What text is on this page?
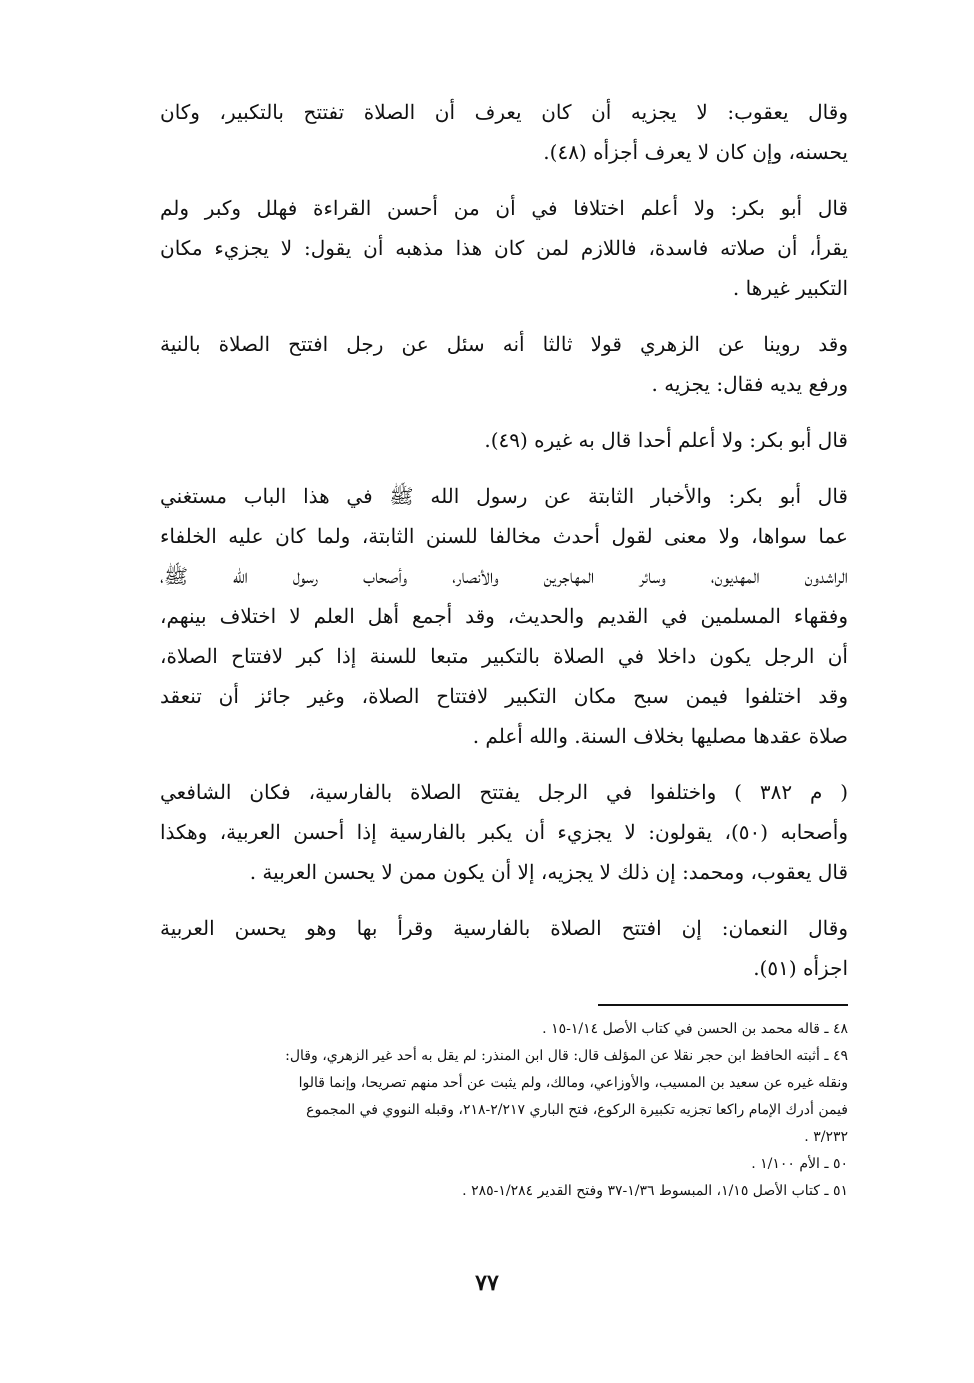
وقال يعقوب: لا يجزيه أن كان يعرف أن الصلاة تفتتح بالتكبير، وكان
يحسنه، وإن كان لا يعرف أجزأه (٤٨).

قال أبو بكر: ولا أعلم اختلافا في أن من أحسن القراءة فهلل وكبر ولم
يقرأ، أن صلاته فاسدة، فاللازم لمن كان هذا مذهبه أن يقول: لا يجزيء مكان
التكبير غيرها .

وقد روينا عن الزهري قولا ثالثا أنه سئل عن رجل افتتح الصلاة بالنية
ورفع يديه فقال: يجزيه .

قال أبو بكر: ولا أعلم أحدا قال به غيره (٤٩).

قال أبو بكر: والأخبار الثابتة عن رسول الله ﷺ في هذا الباب مستغني
عما سواها، ولا معنى لقول أحدث مخالفا للسنن الثابتة، ولما كان عليه الخلفاء
الراشدون المهديون، وسائر المهاجرين والأنصار، وأصحاب رسول الله ﷺ،
وفقهاء المسلمين في القديم والحديث، وقد أجمع أهل العلم لا اختلاف بينهم،
أن الرجل يكون داخلا في الصلاة بالتكبير متبعا للسنة إذا كبر لافتتاح الصلاة،
وقد اختلفوا فيمن سبح مكان التكبير لافتتاح الصلاة، وغير جائز أن تنعقد
صلاة عقدها مصليها بخلاف السنة. والله أعلم .

( م ٣٨٢ ) واختلفوا في الرجل يفتتح الصلاة بالفارسية، فكان الشافعي
وأصحابه (٥٠)، يقولون: لا يجزيء أن يكبر بالفارسية إذا أحسن العربية، وهكذا
قال يعقوب، ومحمد: إن ذلك لا يجزيه، إلا أن يكون ممن لا يحسن العربية .

وقال النعمان: إن افتتح الصلاة بالفارسية وقرأ بها وهو يحسن العربية
اجزأه (٥١).

٤٨ ـ قاله محمد بن الحسن في كتاب الأصل ١/١٤-١٥ .

٤٩ ـ أثبته الحافظ ابن حجر نقلا عن المؤلف قال: قال ابن المنذر: لم يقل به أحد غير الزهري، وقال:
ونقله غيره عن سعيد بن المسيب، والأوزاعي، ومالك، ولم يثبت عن أحد منهم تصريحا، وإنما قالوا
فيمن أدرك الإمام راكعا تجزيه تكبيرة الركوع، فتح الباري ٢/٢١٧-٢١٨، وقبله النووي في المجموع
٣/٢٣٢ .

٥٠ ـ الأم ١/١٠٠ .

٥١ ـ كتاب الأصل ١/١٥، المبسوط ١/٣٦-٣٧ وفتح القدير ١/٢٨٤-٢٨٥ .

٧٧
